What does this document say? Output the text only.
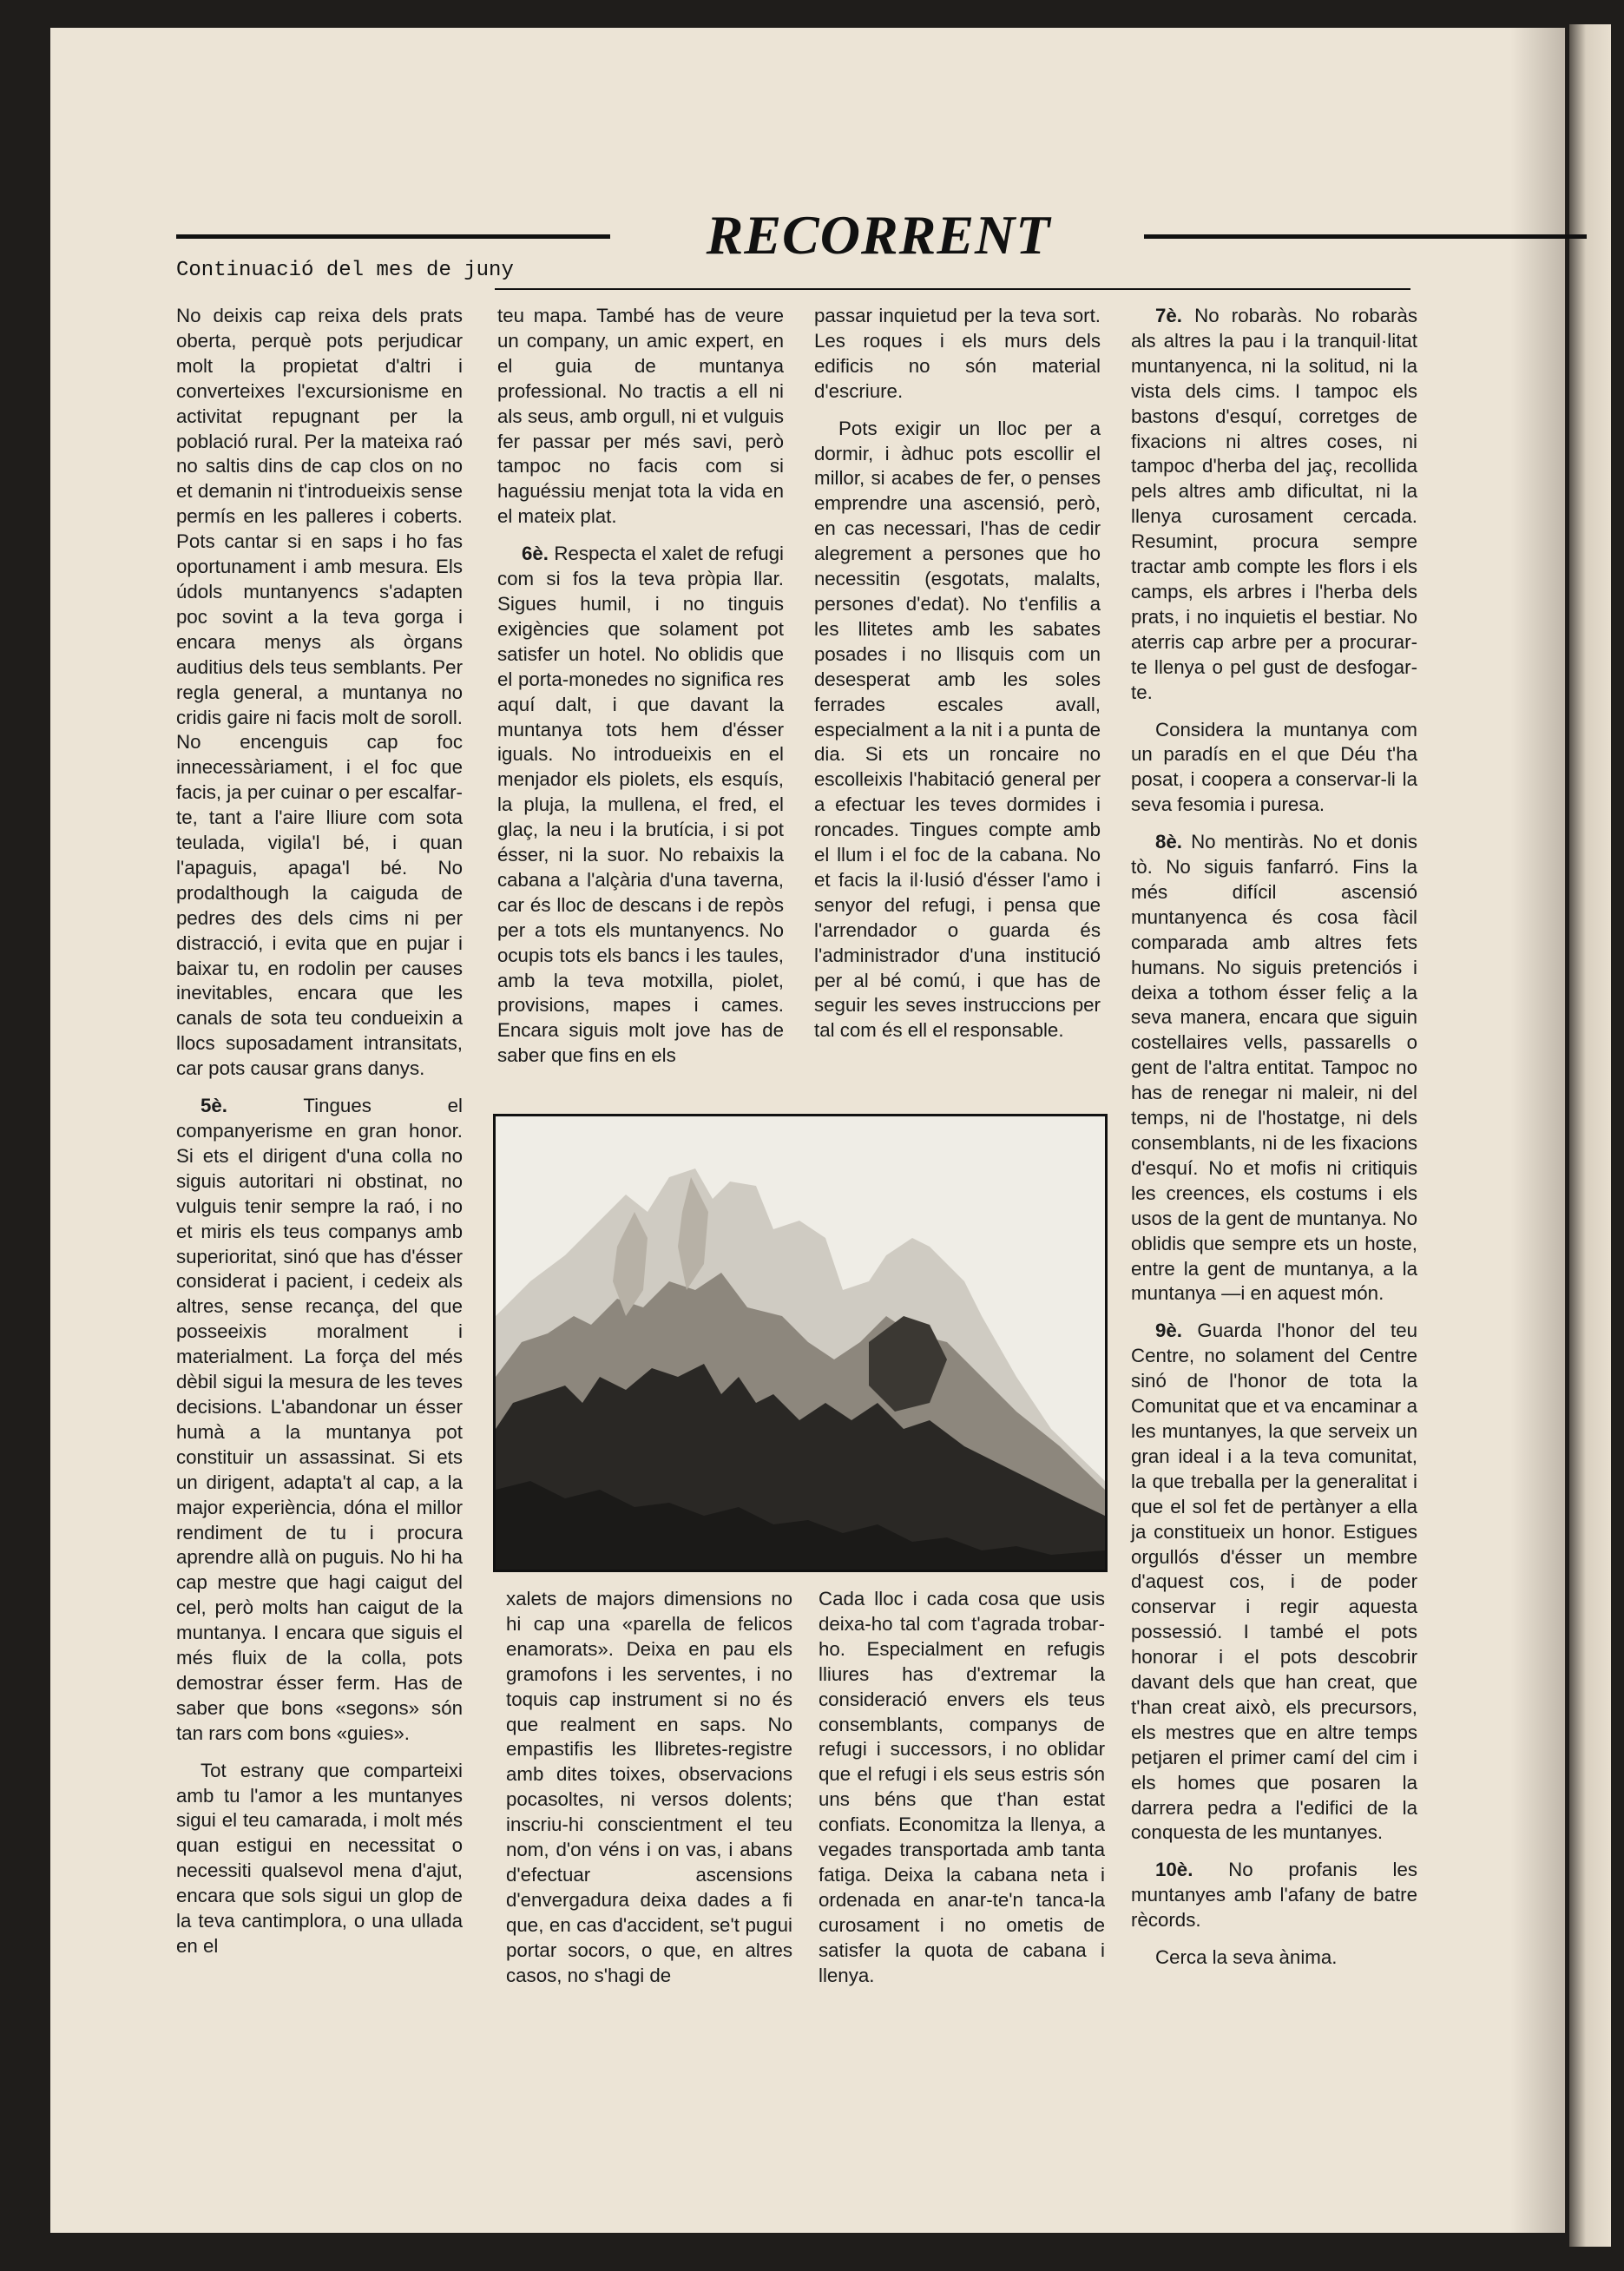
RECORRENT
Continuació del mes de juny

No deixis cap reixa dels prats oberta, perquè pots perjudicar molt la propietat d'altri i converteixes l'excursionisme en activitat repugnant per la població rural. Per la mateixa raó no saltis dins de cap clos on no et demanin ni t'introdueixis sense permís en les palleres i coberts. Pots cantar si en saps i ho fas oportunament i amb mesura. Els údols muntanyencs s'adapten poc sovint a la teva gorga i encara menys als òrgans auditius dels teus semblants. Per regla general, a muntanya no cridis gaire ni facis molt de soroll. No encenguis cap foc innecessàriament, i el foc que facis, ja per cuinar o per escalfar-te, tant a l'aire lliure com sota teulada, vigila'l bé, i quan l'apaguis, apaga'l bé. No prodalthough la caiguda de pedres des dels cims ni per distracció, i evita que en pujar i baixar tu, en rodolin per causes inevitables, encara que les canals de sota teu condueixin a llocs suposadament intransitats, car pots causar grans danys.

5è. Tingues el companyerisme en gran honor. Si ets el dirigent d'una colla no siguis autoritari ni obstinat, no vulguis tenir sempre la raó, i no et miris els teus companys amb superioritat, sinó que has d'ésser considerat i pacient, i cedeix als altres, sense recança, del que posseeixis moralment i materialment. La força del més dèbil sigui la mesura de les teves decisions. L'abandonar un ésser humà a la muntanya pot constituir un assassinat. Si ets un dirigent, adapta't al cap, a la major experiència, dóna el millor rendiment de tu i procura aprendre allà on puguis. No hi ha cap mestre que hagi caigut del cel, però molts han caigut de la muntanya. I encara que siguis el més fluix de la colla, pots demostrar ésser ferm. Has de saber que bons «segons» són tan rars com bons «guies».

Tot estrany que comparteixi amb tu l'amor a les muntanyes sigui el teu camarada, i molt més quan estigui en necessitat o necessiti qualsevol mena d'ajut, encara que sols sigui un glop de la teva cantimplora, o una ullada en el

teu mapa. També has de veure un company, un amic expert, en el guia de muntanya professional. No tractis a ell ni als seus, amb orgull, ni et vulguis fer passar per més savi, però tampoc no facis com si haguéssiu menjat tota la vida en el mateix plat.

6è. Respecta el xalet de refugi com si fos la teva pròpia llar. Sigues humil, i no tinguis exigències que solament pot satisfer un hotel. No oblidis que el porta-monedes no significa res aquí dalt, i que davant la muntanya tots hem d'ésser iguals. No introdueixis en el menjador els piolets, els esquís, la pluja, la mullena, el fred, el glaç, la neu i la brutícia, i si pot ésser, ni la suor. No rebaixis la cabana a l'alçària d'una taverna, car és lloc de descans i de repòs per a tots els muntanyencs. No ocupis tots els bancs i les taules, amb la teva motxilla, piolet, provisions, mapes i cames. Encara siguis molt jove has de saber que fins en els

passar inquietud per la teva sort. Les roques i els murs dels edificis no són material d'escriure.

Pots exigir un lloc per a dormir, i àdhuc pots escollir el millor, si acabes de fer, o penses emprendre una ascensió, però, en cas necessari, l'has de cedir alegrement a persones que ho necessitin (esgotats, malalts, persones d'edat). No t'enfilis a les llitetes amb les sabates posades i no llisquis com un desesperat amb les soles ferrades escales avall, especialment a la nit i a punta de dia. Si ets un roncaire no escolleixis l'habitació general per a efectuar les teves dormides i roncades. Tingues compte amb el llum i el foc de la cabana. No et facis la il·lusió d'ésser l'amo i senyor del refugi, i pensa que l'arrendador o guarda és l'administrador d'una institució per al bé comú, i que has de seguir les seves instruccions per tal com és ell el responsable.

xalets de majors dimensions no hi cap una «parella de felicos enamorats». Deixa en pau els gramofons i les serventes, i no toquis cap instrument si no és que realment en saps. No empastifis les llibretes-registre amb dites toixes, observacions pocasoltes, ni versos dolents; inscriu-hi conscientment el teu nom, d'on véns i on vas, i abans d'efectuar ascensions d'envergadura deixa dades a fi que, en cas d'accident, se't pugui portar socors, o que, en altres casos, no s'hagi de

Cada lloc i cada cosa que usis deixa-ho tal com t'agrada trobar-ho. Especialment en refugis lliures has d'extremar la consideració envers els teus consemblants, companys de refugi i successors, i no oblidar que el refugi i els seus estris són uns béns que t'han estat confiats. Economitza la llenya, a vegades transportada amb tanta fatiga. Deixa la cabana neta i ordenada en anar-te'n tanca-la curosament i no ometis de satisfer la quota de cabana i llenya.

7è. No robaràs. No robaràs als altres la pau i la tranquil·litat muntanyenca, ni la solitud, ni la vista dels cims. I tampoc els bastons d'esquí, corretges de fixacions ni altres coses, ni tampoc d'herba del jaç, recollida pels altres amb dificultat, ni la llenya curosament cercada. Resumint, procura sempre tractar amb compte les flors i els camps, els arbres i l'herba dels prats, i no inquietis el bestiar. No aterris cap arbre per a procurar-te llenya o pel gust de desfogar-te.

Considera la muntanya com un paradís en el que Déu t'ha posat, i coopera a conservar-li la seva fesomia i puresa.

8è. No mentiràs. No et donis tò. No siguis fanfarró. Fins la més difícil ascensió muntanyenca és cosa fàcil comparada amb altres fets humans. No siguis pretenciós i deixa a tothom ésser feliç a la seva manera, encara que siguin costellaires vells, passarells o gent de l'altra entitat. Tampoc no has de renegar ni maleir, ni del temps, ni de l'hostatge, ni dels consemblants, ni de les fixacions d'esquí. No et mofis ni critiquis les creences, els costums i els usos de la gent de muntanya. No oblidis que sempre ets un hoste, entre la gent de muntanya, a la muntanya —i en aquest món.

9è. Guarda l'honor del teu Centre, no solament del Centre sinó de l'honor de tota la Comunitat que et va encaminar a les muntanyes, la que serveix un gran ideal i a la teva comunitat, la que treballa per la generalitat i que el sol fet de pertànyer a ella ja constitueix un honor. Estigues orgullós d'ésser un membre d'aquest cos, i de poder conservar i regir aquesta possessió. I també el pots honorar i el pots descobrir davant dels que han creat, que t'han creat això, els precursors, els mestres que en altre temps petjaren el primer camí del cim i els homes que posaren la darrera pedra a l'edifici de la conquesta de les muntanyes.

10è. No profanis les muntanyes amb l'afany de batre rècords.

Cerca la seva ànima.
